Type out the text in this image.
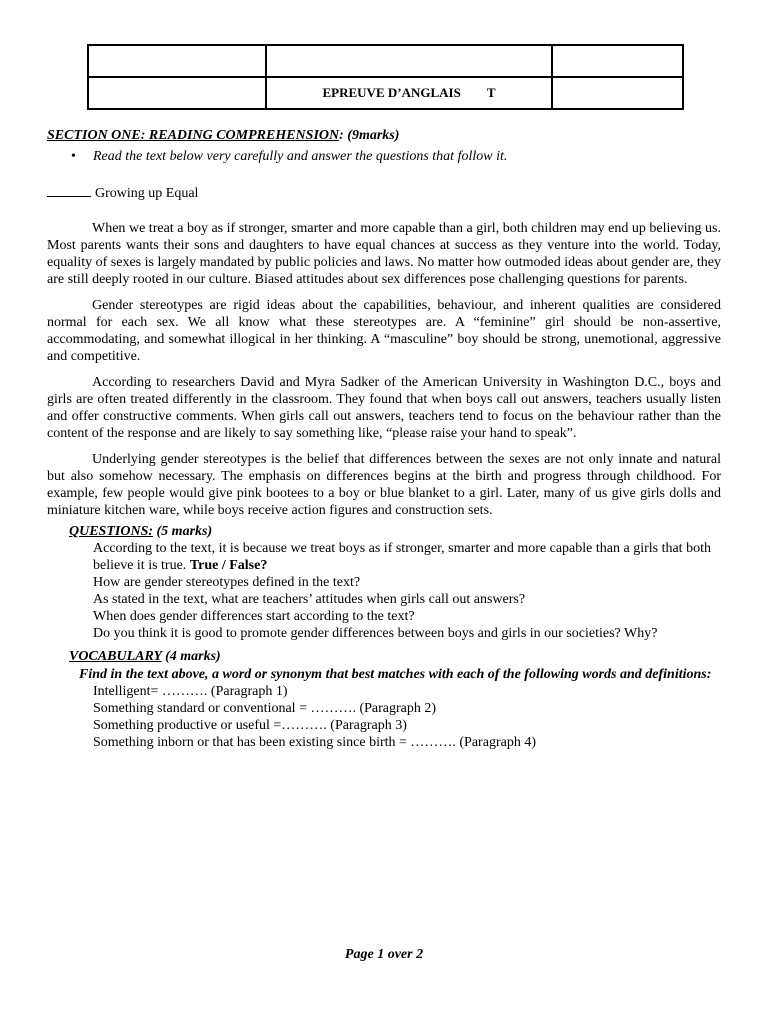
	EPREUVE D’ANGLAIS T	

SECTION ONE: READING COMPREHENSION: (9marks)

• Read the text below very carefully and answer the questions that follow it.

Growing up Equal

When we treat a boy as if stronger, smarter and more capable than a girl, both children may end up believing us. Most parents wants their sons and daughters to have equal chances at success as they venture into the world. Today, equality of sexes is largely mandated by public policies and laws. No matter how outmoded ideas about gender are, they are still deeply rooted in our culture. Biased attitudes about sex differences pose challenging questions for parents.

Gender stereotypes are rigid ideas about the capabilities, behaviour, and inherent qualities are considered normal for each sex. We all know what these stereotypes are. A “feminine” girl should be non-assertive, accommodating, and somewhat illogical in her thinking. A “masculine” boy should be strong, unemotional, aggressive and competitive.

According to researchers David and Myra Sadker of the American University in Washington D.C., boys and girls are often treated differently in the classroom. They found that when boys call out answers, teachers usually listen and offer constructive comments. When girls call out answers, teachers tend to focus on the behaviour rather than the content of the response and are likely to say something like, “please raise your hand to speak”.

Underlying gender stereotypes is the belief that differences between the sexes are not only innate and natural but also somehow necessary. The emphasis on differences begins at the birth and progress through childhood. For example, few people would give pink bootees to a boy or blue blanket to a girl. Later, many of us give girls dolls and miniature kitchen ware, while boys receive action figures and construction sets.

QUESTIONS: (5 marks)

According to the text, it is because we treat boys as if stronger, smarter and more capable than a girls that both believe it is true. True / False?

How are gender stereotypes defined in the text?

As stated in the text, what are teachers’ attitudes when girls call out answers?

When does gender differences start according to the text?

Do you think it is good to promote gender differences between boys and girls in our societies? Why?

VOCABULARY (4 marks)

Find in the text above, a word or synonym that best matches with each of the following words and definitions:

Intelligent= ………. (Paragraph 1)

Something standard or conventional = ………. (Paragraph 2)

Something productive or useful =………. (Paragraph 3)

Something inborn or that has been existing since birth = ………. (Paragraph 4)

Page 1 over 2
